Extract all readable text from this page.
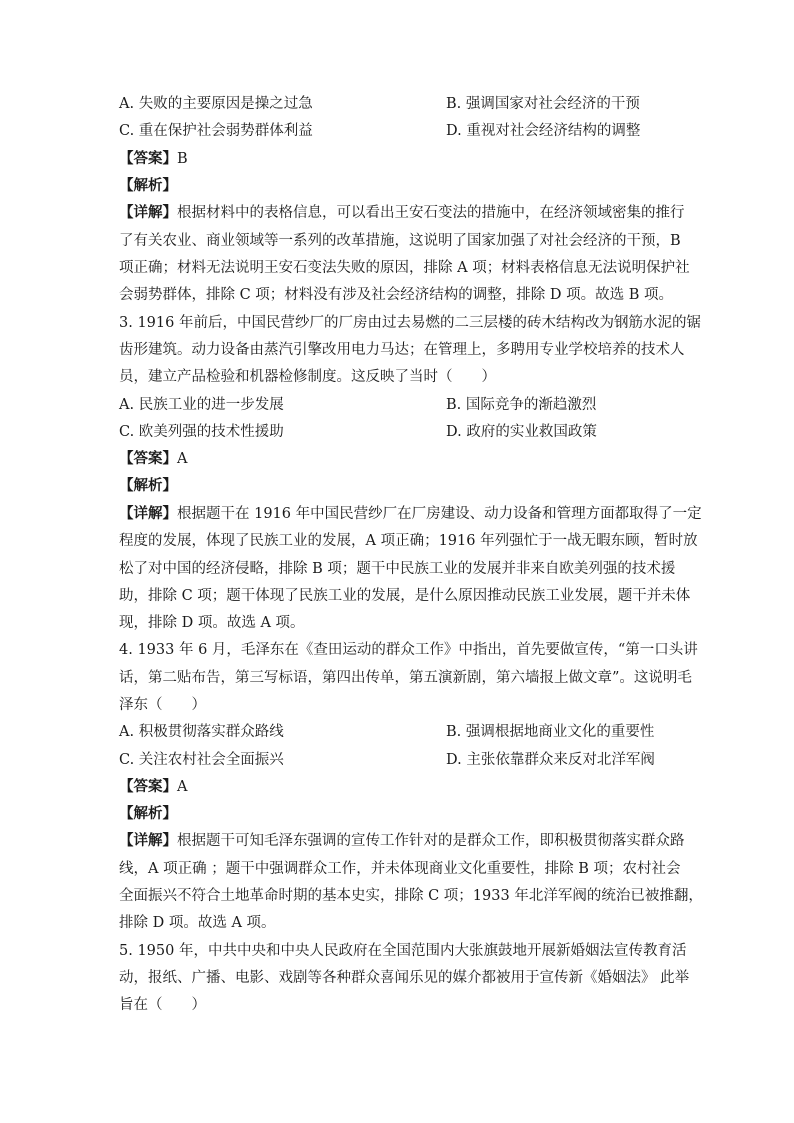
A. 失败的主要原因是操之过急	B. 强调国家对社会经济的干预
C. 重在保护社会弱势群体利益	D. 重视对社会经济结构的调整
【答案】B
【解析】
【详解】根据材料中的表格信息，可以看出王安石变法的措施中，在经济领域密集的推行
了有关农业、商业领域等一系列的改革措施，这说明了国家加强了对社会经济的干预，B
项正确；材料无法说明王安石变法失败的原因，排除 A 项；材料表格信息无法说明保护社
会弱势群体，排除 C 项；材料没有涉及社会经济结构的调整，排除 D 项。故选 B 项。
3. 1916 年前后，中国民营纱厂的厂房由过去易燃的二三层楼的砖木结构改为钢筋水泥的锯
齿形建筑。动力设备由蒸汽引擎改用电力马达；在管理上，多聘用专业学校培养的技术人
员，建立产品检验和机器检修制度。这反映了当时（　　）
A. 民族工业的进一步发展	B. 国际竞争的渐趋激烈
C. 欧美列强的技术性援助	D. 政府的实业救国政策
【答案】A
【解析】
【详解】根据题干在 1916 年中国民营纱厂在厂房建设、动力设备和管理方面都取得了一定
程度的发展，体现了民族工业的发展，A 项正确；1916 年列强忙于一战无暇东顾，暂时放
松了对中国的经济侵略，排除 B 项；题干中民族工业的发展并非来自欧美列强的技术援
助，排除 C 项；题干体现了民族工业的发展，是什么原因推动民族工业发展，题干并未体
现，排除 D 项。故选 A 项。
4. 1933 年 6 月，毛泽东在《查田运动的群众工作》中指出，首先要做宣传，“第一口头讲
话，第二贴布告，第三写标语，第四出传单，第五演新剧，第六墙报上做文章”。这说明毛
泽东（　　）
A. 积极贯彻落实群众路线	B. 强调根据地商业文化的重要性
C. 关注农村社会全面振兴	D. 主张依靠群众来反对北洋军阀
【答案】A
【解析】
【详解】根据题干可知毛泽东强调的宣传工作针对的是群众工作，即积极贯彻落实群众路
线，A 项正确 ；题干中强调群众工作，并未体现商业文化重要性，排除 B 项；农村社会
全面振兴不符合土地革命时期的基本史实，排除 C 项；1933 年北洋军阀的统治已被推翻，
排除 D 项。故选 A 项。
5. 1950 年，中共中央和中央人民政府在全国范围内大张旗鼓地开展新婚姻法宣传教育活
动，报纸、广播、电影、戏剧等各种群众喜闻乐见的媒介都被用于宣传新《婚姻法》 此举
旨在（　　）
